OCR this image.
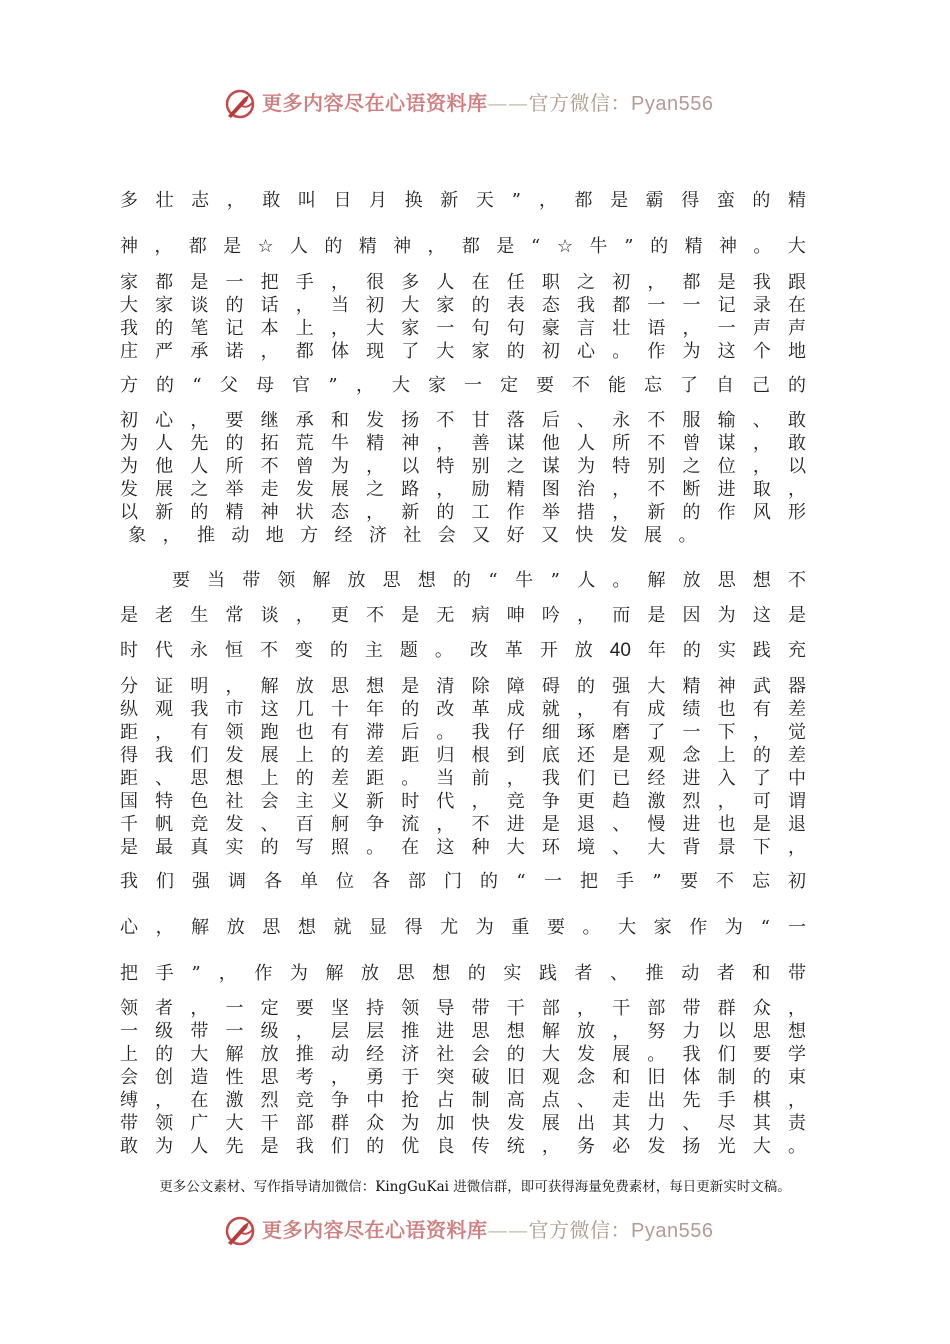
更多内容尽在心语资料库——官方微信：Pyan556
多 壮 志 ， 敢 叫 日 月 换 新 天 ” ， 都 是 霸 得 蛮 的 精
神 ， 都 是 ☆ 人 的 精 神 ， 都 是 “ ☆ 牛 ” 的 精 神 。 大
家 都 是 一 把 手 ， 很 多 人 在 任 职 之 初 ， 都 是 我 跟
大 家 谈 的 话 ， 当 初 大 家 的 表 态 我 都 一 一 记 录 在
我 的 笔 记 本 上 ， 大 家 一 句 句 豪 言 壮 语 ， 一 声 声
庄 严 承 诺 ， 都 体 现 了 大 家 的 初 心 。 作 为 这 个 地
方 的 “ 父 母 官 ” ， 大 家 一 定 要 不 能 忘 了 自 己 的
初 心 ， 要 继 承 和 发 扬 不 甘 落 后 、 永 不 服 输 、 敢
为 人 先 的 拓 荒 牛 精 神 ， 善 谋 他 人 所 不 曾 谋 ， 敢
为 他 人 所 不 曾 为 ， 以 特 别 之 谋 为 特 别 之 位 ， 以
发 展 之 举 走 发 展 之 路 ， 励 精 图 治 ， 不 断 进 取 ，
以 新 的 精 神 状 态 ， 新 的 工 作 举 措 ， 新 的 作 风 形
象 ， 推 动 地 方 经 济 社 会 又 好 又 快 发 展 。
要 当 带 领 解 放 思 想 的 “ 牛 ” 人 。 解 放 思 想 不
是 老 生 常 谈 ， 更 不 是 无 病 呻 吟 ， 而 是 因 为 这 是
时 代 永 恒 不 变 的 主 题 。 改 革 开 放 40 年 的 实 践 充
分 证 明 ， 解 放 思 想 是 清 除 障 碍 的 强 大 精 神 武 器
纵 观 我 市 这 几 十 年 的 改 革 成 就 ， 有 成 绩 也 有 差
距 ， 有 领 跑 也 有 滞 后 。 我 仔 细 琢 磨 了 一 下 ， 觉
得 我 们 发 展 上 的 差 距 归 根 到 底 还 是 观 念 上 的 差
距 、 思 想 上 的 差 距 。 当 前 ， 我 们 已 经 进 入 了 中
国 特 色 社 会 主 义 新 时 代 ， 竞 争 更 趋 激 烈 ， 可 谓
千 帆 竞 发 、 百 舸 争 流 ， 不 进 是 退 、 慢 进 也 是 退
是 最 真 实 的 写 照 。 在 这 种 大 环 境 、 大 背 景 下 ，
我 们 强 调 各 单 位 各 部 门 的 “ 一 把 手 ” 要 不 忘 初
心 ， 解 放 思 想 就 显 得 尤 为 重 要 。 大 家 作 为 “ 一
把 手 ” ， 作 为 解 放 思 想 的 实 践 者 、 推 动 者 和 带
领 者 ， 一 定 要 坚 持 领 导 带 干 部 ， 干 部 带 群 众 ，
一 级 带 一 级 ， 层 层 推 进 思 想 解 放 ， 努 力 以 思 想
上 的 大 解 放 推 动 经 济 社 会 的 大 发 展 。 我 们 要 学
会 创 造 性 思 考 ， 勇 于 突 破 旧 观 念 和 旧 体 制 的 束
缚 ， 在 激 烈 竞 争 中 抢 占 制 高 点 、 走 出 先 手 棋 ，
带 领 广 大 干 部 群 众 为 加 快 发 展 出 其 力 、 尽 其 责
敢 为 人 先 是 我 们 的 优 良 传 统 ， 务 必 发 扬 光 大 。
更多公文素材、写作指导请加微信：KingGuKai 进微信群，即可获得海量免费素材，每日更新实时文稿。
更多内容尽在心语资料库——官方微信：Pyan556
